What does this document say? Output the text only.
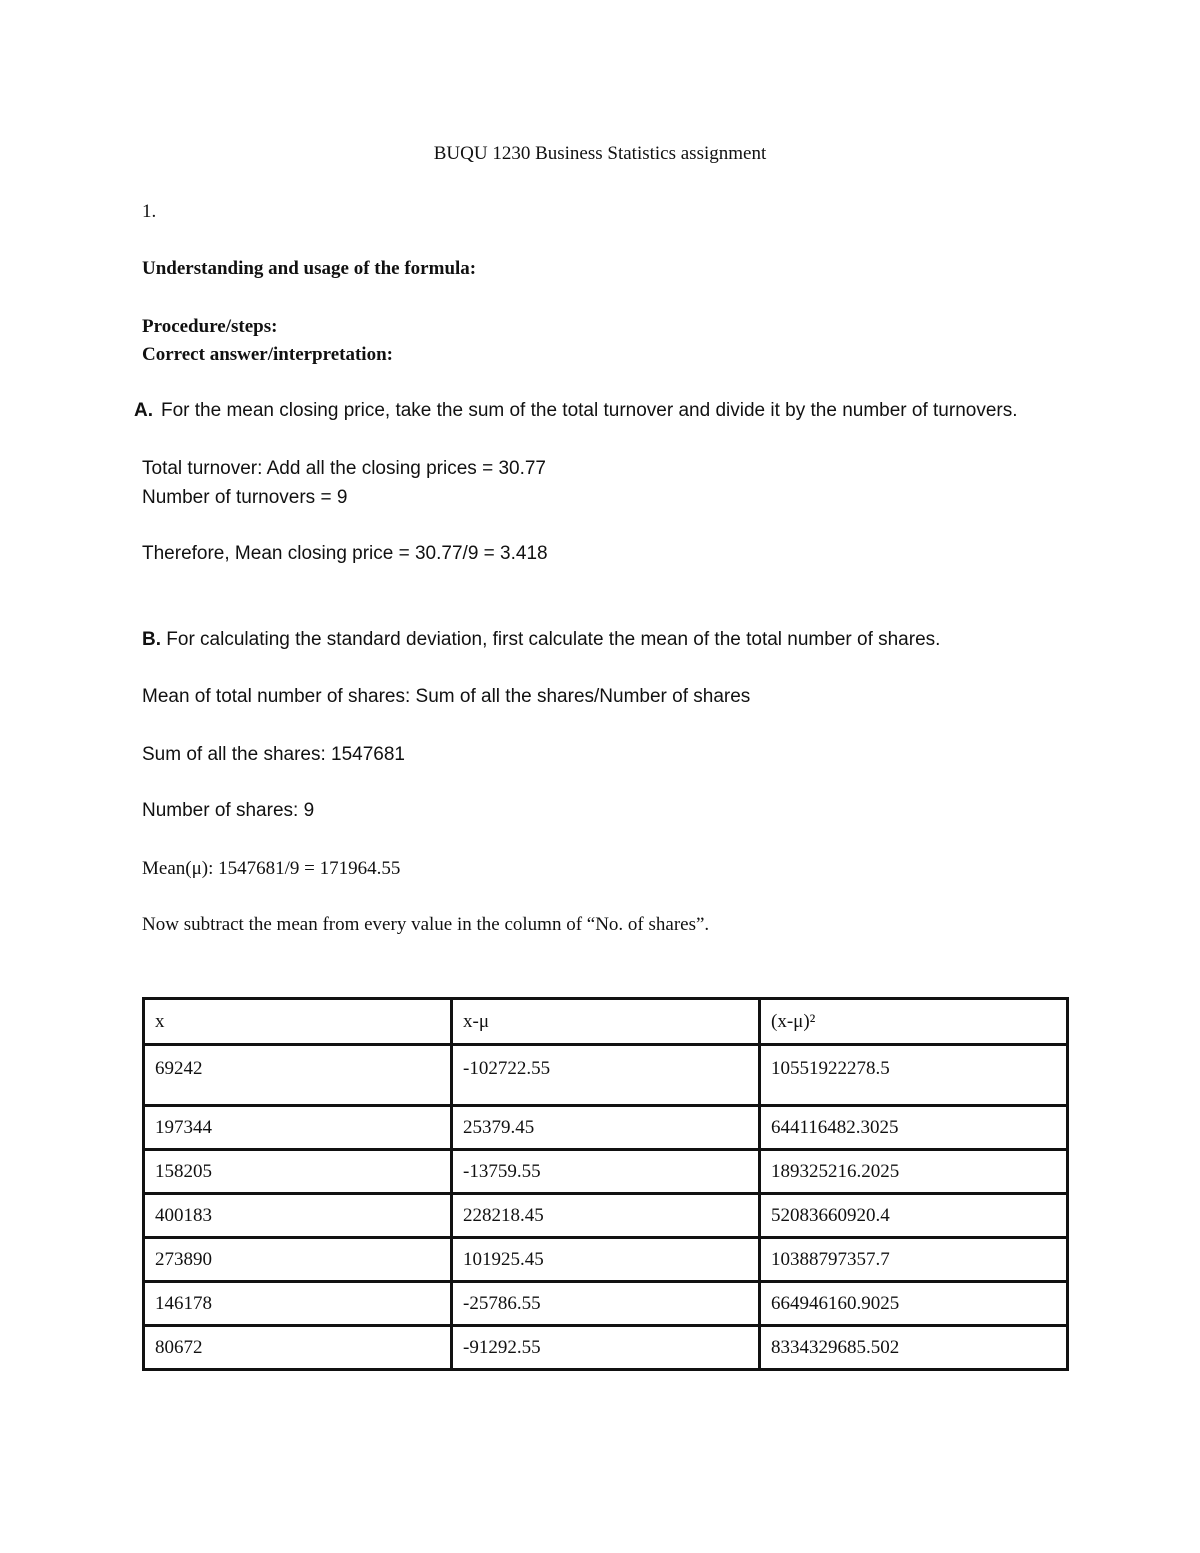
BUQU 1230 Business Statistics assignment
1.
Understanding and usage of the formula:
Procedure/steps:
Correct answer/interpretation:
A. For the mean closing price, take the sum of the total turnover and divide it by the number of turnovers.
Total turnover: Add all the closing prices = 30.77
Number of turnovers = 9
Therefore, Mean closing price = 30.77/9 = 3.418
B. For calculating the standard deviation, first calculate the mean of the total number of shares.
Mean of total number of shares: Sum of all the shares/Number of shares
Sum of all the shares: 1547681
Number of shares: 9
Mean(μ): 1547681/9 = 171964.55
Now subtract the mean from every value in the column of “No. of shares”.
x	x-μ	(x-μ)²
69242	-102722.55	10551922278.5
197344	25379.45	644116482.3025
158205	-13759.55	189325216.2025
400183	228218.45	52083660920.4
273890	101925.45	10388797357.7
146178	-25786.55	664946160.9025
80672	-91292.55	8334329685.502
